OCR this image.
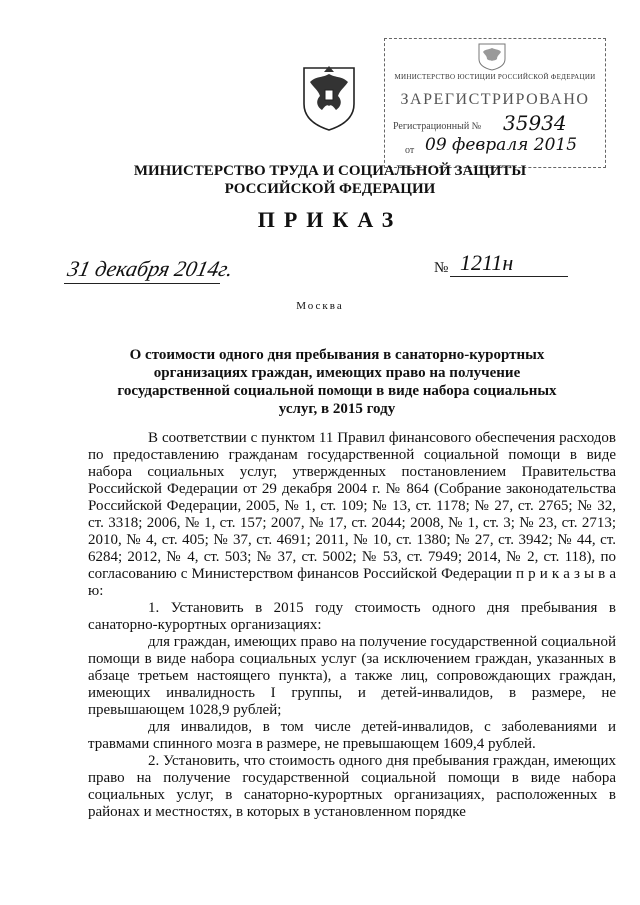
МИНИСТЕРСТВО ЮСТИЦИИ РОССИЙСКОЙ ФЕДЕРАЦИИ
ЗАРЕГИСТРИРОВАНО
Регистрационный № 35934
от 09 февраля 2015
МИНИСТЕРСТВО ТРУДА И СОЦИАЛЬНОЙ ЗАЩИТЫ РОССИЙСКОЙ ФЕДЕРАЦИИ
ПРИКАЗ
31 декабря 2014г.	№ 1211н
Москва
О стоимости одного дня пребывания в санаторно-курортных организациях граждан, имеющих право на получение государственной социальной помощи в виде набора социальных услуг, в 2015 году

В соответствии с пунктом 11 Правил финансового обеспечения расходов по предоставлению гражданам государственной социальной помощи в виде набора социальных услуг, утвержденных постановлением Правительства Российской Федерации от 29 декабря 2004 г. № 864 (Собрание законодательства Российской Федерации, 2005, № 1, ст. 109; № 13, ст. 1178; № 27, ст. 2765; № 32, ст. 3318; 2006, № 1, ст. 157; 2007, № 17, ст. 2044; 2008, № 1, ст. 3; № 23, ст. 2713; 2010, № 4, ст. 405; № 37, ст. 4691; 2011, № 10, ст. 1380; № 27, ст. 3942; № 44, ст. 6284; 2012, № 4, ст. 503; № 37, ст. 5002; № 53, ст. 7949; 2014, № 2, ст. 118), по согласованию с Министерством финансов Российской Федерации п р и к а з ы в а ю:

1. Установить в 2015 году стоимость одного дня пребывания в санаторно-курортных организациях:

для граждан, имеющих право на получение государственной социальной помощи в виде набора социальных услуг (за исключением граждан, указанных в абзаце третьем настоящего пункта), а также лиц, сопровождающих граждан, имеющих инвалидность I группы, и детей-инвалидов, в размере, не превышающем 1028,9 рублей;

для инвалидов, в том числе детей-инвалидов, с заболеваниями и травмами спинного мозга в размере, не превышающем 1609,4 рублей.

2. Установить, что стоимость одного дня пребывания граждан, имеющих право на получение государственной социальной помощи в виде набора социальных услуг, в санаторно-курортных организациях, расположенных в районах и местностях, в которых в установленном порядке
